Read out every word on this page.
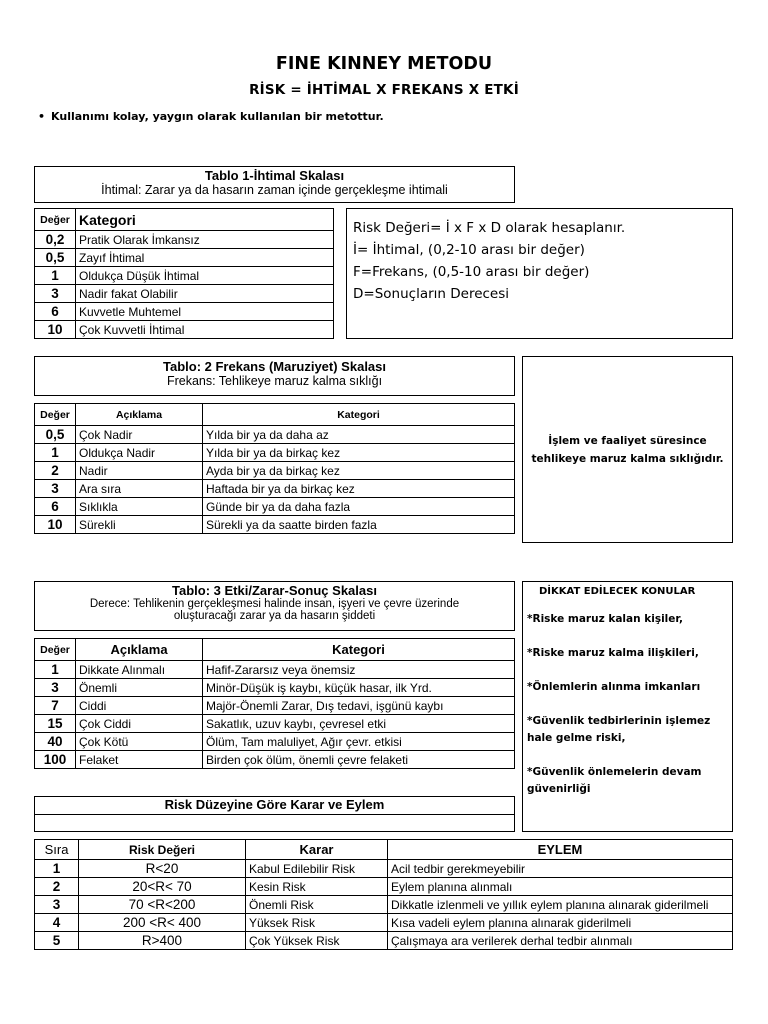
FINE KINNEY METODU
RİSK = İHTİMAL X FREKANS X ETKİ
• Kullanımı kolay, yaygın olarak kullanılan bir metottur.
Tablo 1-İhtimal Skalası
İhtimal: Zarar ya da hasarın zaman içinde gerçekleşme ihtimali
Değer	Kategori
0,2	Pratik Olarak İmkansız
0,5	Zayıf İhtimal
1	Oldukça Düşük İhtimal
3	Nadir fakat Olabilir
6	Kuvvetle Muhtemel
10	Çok Kuvvetli İhtimal
Risk Değeri= İ x F x D olarak hesaplanır.
İ= İhtimal, (0,2-10 arası bir değer)
F=Frekans, (0,5-10 arası bir değer)
D=Sonuçların Derecesi
Tablo: 2 Frekans (Maruziyet) Skalası
Frekans: Tehlikeye maruz kalma sıklığı
Değer	Açıklama	Kategori
0,5	Çok Nadir	Yılda bir ya da daha az
1	Oldukça Nadir	Yılda bir ya da birkaç kez
2	Nadir	Ayda bir ya da birkaç kez
3	Ara sıra	Haftada bir ya da birkaç kez
6	Sıklıkla	Günde bir ya da daha fazla
10	Sürekli	Sürekli ya da saatte birden fazla
İşlem ve faaliyet süresince
tehlikeye maruz kalma sıklığıdır.
Tablo: 3 Etki/Zarar-Sonuç Skalası
Derece: Tehlikenin gerçekleşmesi halinde insan, işyeri ve çevre üzerinde
oluşturacağı zarar ya da hasarın şiddeti
Değer	Açıklama	Kategori
1	Dikkate Alınmalı	Hafif-Zararsız veya önemsiz
3	Önemli	Minör-Düşük iş kaybı, küçük hasar, ilk Yrd.
7	Ciddi	Majör-Önemli Zarar, Dış tedavi, işgünü kaybı
15	Çok Ciddi	Sakatlık, uzuv kaybı, çevresel etki
40	Çok Kötü	Ölüm, Tam maluliyet, Ağır çevr. etkisi
100	Felaket	Birden çok ölüm, önemli çevre felaketi
DİKKAT EDİLECEK KONULAR
*Riske maruz kalan kişiler,
*Riske maruz kalma ilişkileri,
*Önlemlerin alınma imkanları
*Güvenlik tedbirlerinin işlemez hale gelme riski,
*Güvenlik önlemelerin devam güvenirliği
Risk Düzeyine Göre Karar ve Eylem
Sıra	Risk Değeri	Karar	EYLEM
1	R<20	Kabul Edilebilir Risk	Acil tedbir gerekmeyebilir
2	20<R< 70	Kesin Risk	Eylem planına alınmalı
3	70 <R<200	Önemli Risk	Dikkatle izlenmeli ve yıllık eylem planına alınarak giderilmeli
4	200 <R< 400	Yüksek Risk	Kısa vadeli eylem planına alınarak giderilmeli
5	R>400	Çok Yüksek Risk	Çalışmaya ara verilerek derhal tedbir alınmalı
